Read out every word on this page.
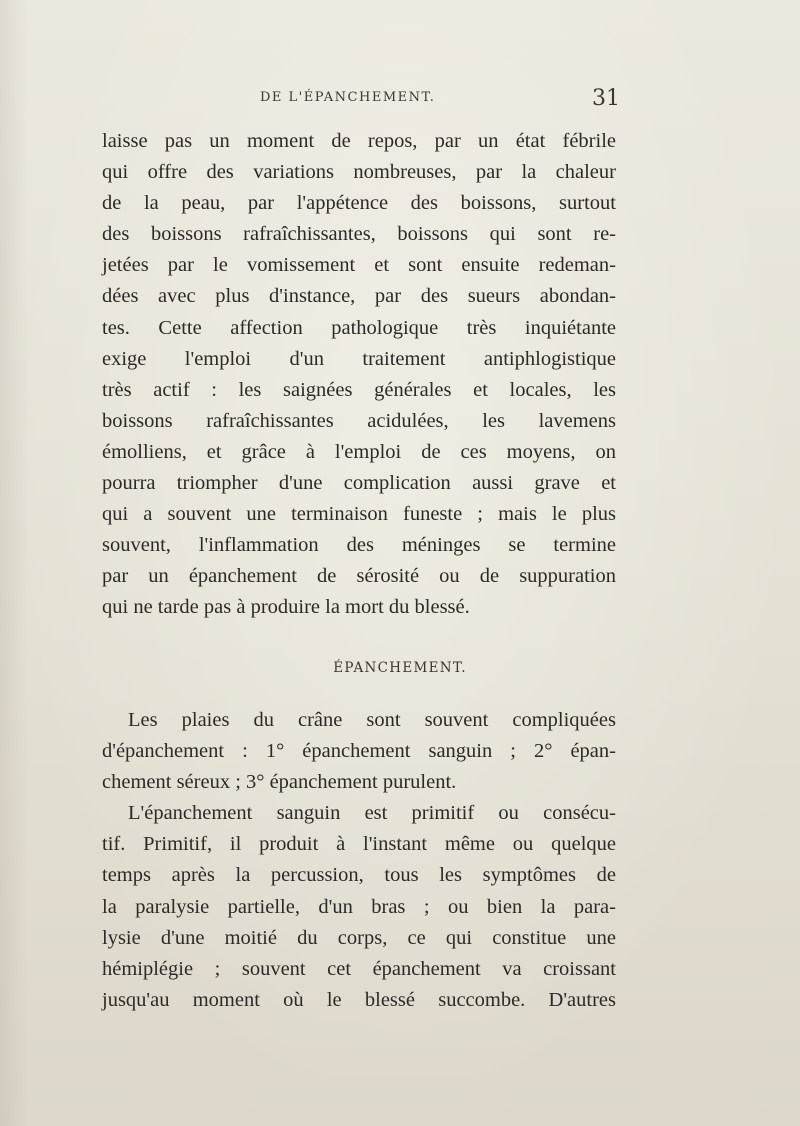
DE L'ÉPANCHEMENT.	31
laisse pas un moment de repos, par un état fébrile
qui offre des variations nombreuses, par la chaleur
de la peau, par l'appétence des boissons, surtout
des boissons rafraîchissantes, boissons qui sont re-
jetées par le vomissement et sont ensuite redeman-
dées avec plus d'instance, par des sueurs abondan-
tes. Cette affection pathologique très inquiétante
exige l'emploi d'un traitement antiphlogistique
très actif : les saignées générales et locales, les
boissons rafraîchissantes acidulées, les lavemens
émolliens, et grâce à l'emploi de ces moyens, on
pourra triompher d'une complication aussi grave et
qui a souvent une terminaison funeste ; mais le plus
souvent, l'inflammation des méninges se termine
par un épanchement de sérosité ou de suppuration
qui ne tarde pas à produire la mort du blessé.
ÉPANCHEMENT.
Les plaies du crâne sont souvent compliquées
d'épanchement : 1° épanchement sanguin ; 2° épan-
chement séreux ; 3° épanchement purulent.
L'épanchement sanguin est primitif ou consécu-
tif. Primitif, il produit à l'instant même ou quelque
temps après la percussion, tous les symptômes de
la paralysie partielle, d'un bras ; ou bien la para-
lysie d'une moitié du corps, ce qui constitue une
hémiplégie ; souvent cet épanchement va croissant
jusqu'au moment où le blessé succombe. D'autres
